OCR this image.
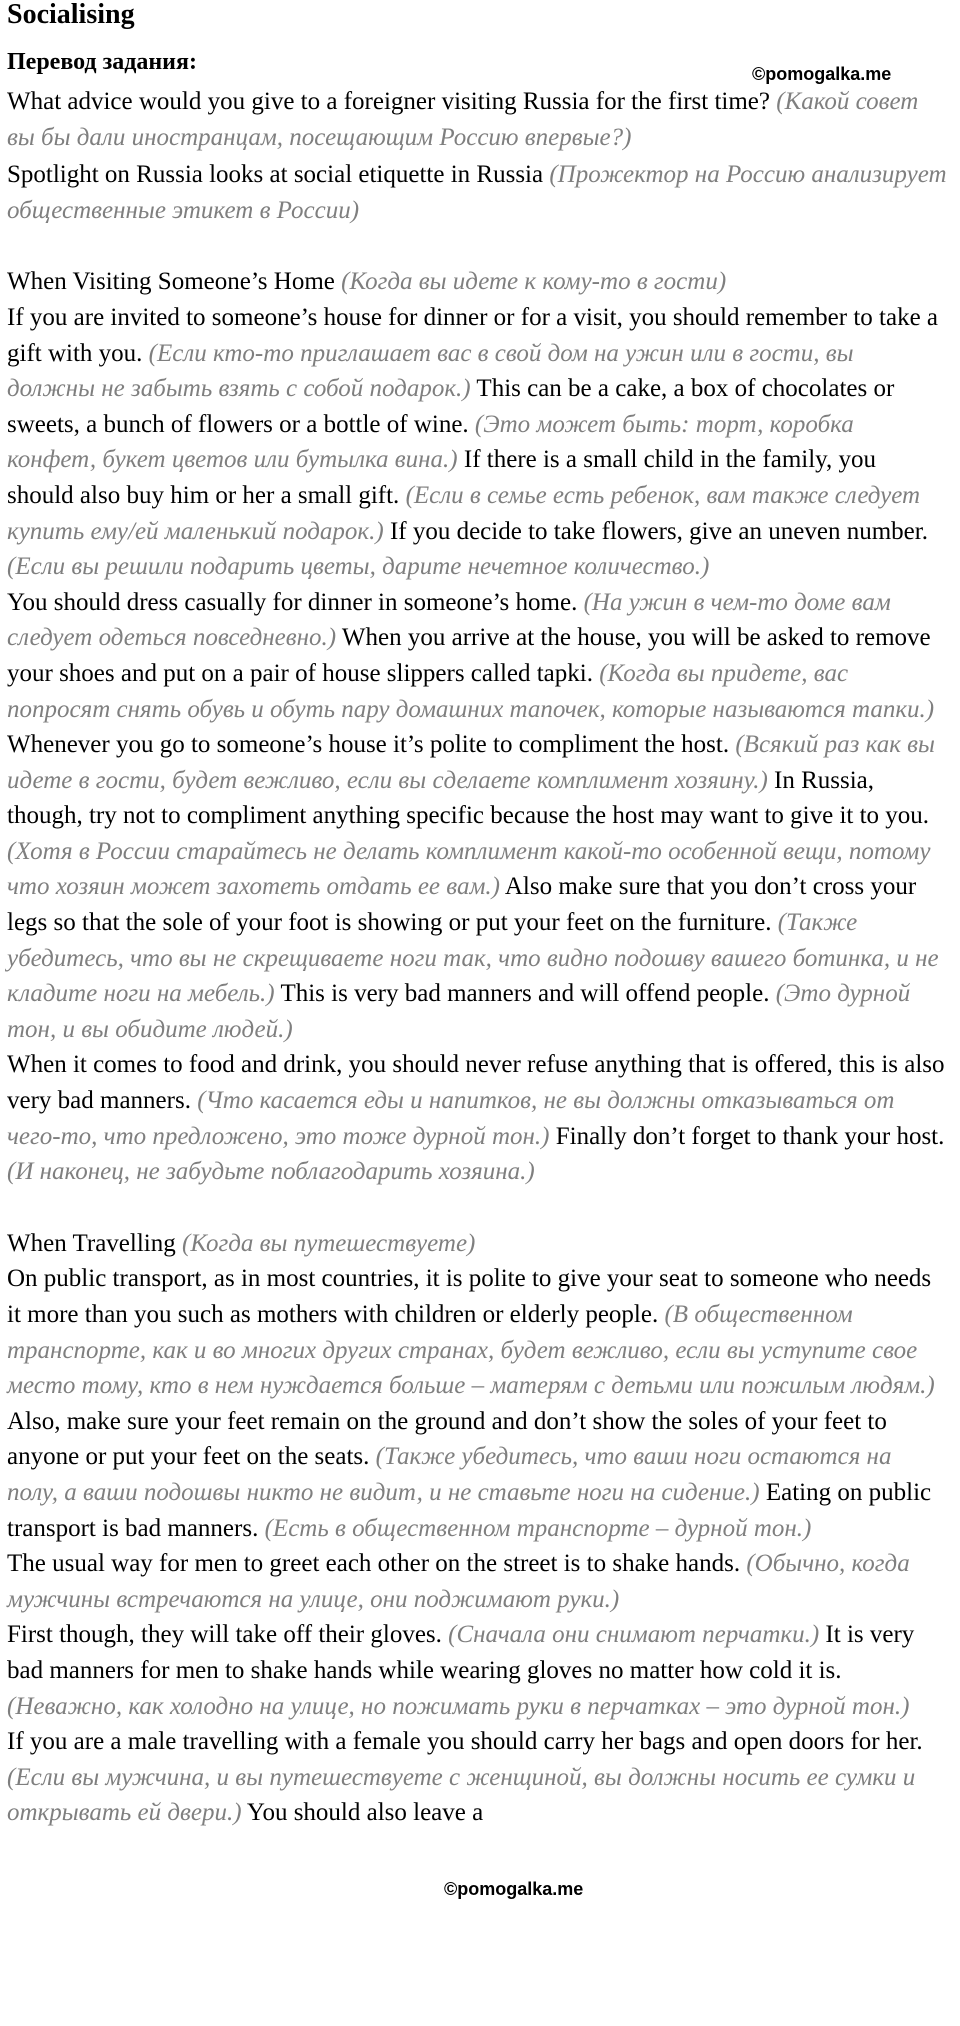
Socialising
Перевод задания:

What advice would you give to a foreigner visiting Russia for the first time? (Какой совет вы бы дали иностранцам, посещающим Россию впервые?)

Spotlight on Russia looks at social etiquette in Russia (Прожектор на Россию анализирует общественные этикет в России)

When Visiting Someone’s Home (Когда вы идете к кому-то в гости)

If you are invited to someone’s house for dinner or for a visit, you should remember to take a gift with you. (Если кто-то приглашает вас в свой дом на ужин или в гости, вы должны не забыть взять с собой подарок.) This can be a cake, a box of chocolates or sweets, a bunch of flowers or a bottle of wine. (Это может быть: торт, коробка конфет, букет цветов или бутылка вина.) If there is a small child in the family, you should also buy him or her a small gift. (Если в семье есть ребенок, вам также следует купить ему/ей маленький подарок.) If you decide to take flowers, give an uneven number. (Если вы решили подарить цветы, дарите нечетное количество.)

You should dress casually for dinner in someone’s home. (На ужин в чем-то доме вам следует одеться повседневно.) When you arrive at the house, you will be asked to remove your shoes and put on a pair of house slippers called tapki. (Когда вы придете, вас попросят снять обувь и обуть пару домашних тапочек, которые называются тапки.) Whenever you go to someone’s house it’s polite to compliment the host. (Всякий раз как вы идете в гости, будет вежливо, если вы сделаете комплимент хозяину.) In Russia, though, try not to compliment anything specific because the host may want to give it to you. (Хотя в России старайтесь не делать комплимент какой-то особенной вещи, потому что хозяин может захотеть отдать ее вам.) Also make sure that you don’t cross your legs so that the sole of your foot is showing or put your feet on the furniture. (Также убедитесь, что вы не скрещиваете ноги так, что видно подошву вашего ботинка, и не кладите ноги на мебель.) This is very bad manners and will offend people. (Это дурной тон, и вы обидите людей.)

When it comes to food and drink, you should never refuse anything that is offered, this is also very bad manners. (Что касается еды и напитков, не вы должны отказываться от чего-то, что предложено, это тоже дурной тон.) Finally don’t forget to thank your host. (И наконец, не забудьте поблагодарить хозяина.)

When Travelling (Когда вы путешествуете)

On public transport, as in most countries, it is polite to give your seat to someone who needs it more than you such as mothers with children or elderly people. (В общественном транспорте, как и во многих других странах, будет вежливо, если вы уступите свое место тому, кто в нем нуждается больше – матерям с детьми или пожилым людям.) Also, make sure your feet remain on the ground and don’t show the soles of your feet to anyone or put your feet on the seats. (Также убедитесь, что ваши ноги остаются на полу, а ваши подошвы никто не видит, и не ставьте ноги на сидение.) Eating on public transport is bad manners. (Есть в общественном транспорте – дурной тон.)

The usual way for men to greet each other on the street is to shake hands. (Обычно, когда мужчины встречаются на улице, они поджимают руки.)

First though, they will take off their gloves. (Сначала они снимают перчатки.) It is very bad manners for men to shake hands while wearing gloves no matter how cold it is. (Неважно, как холодно на улице, но пожимать руки в перчатках – это дурной тон.)

If you are a male travelling with a female you should carry her bags and open doors for her. (Если вы мужчина, и вы путешествуете с женщиной, вы должны носить ее сумки и открывать ей двери.) You should also leave a

©pomogalka.me
©pomogalka.me
